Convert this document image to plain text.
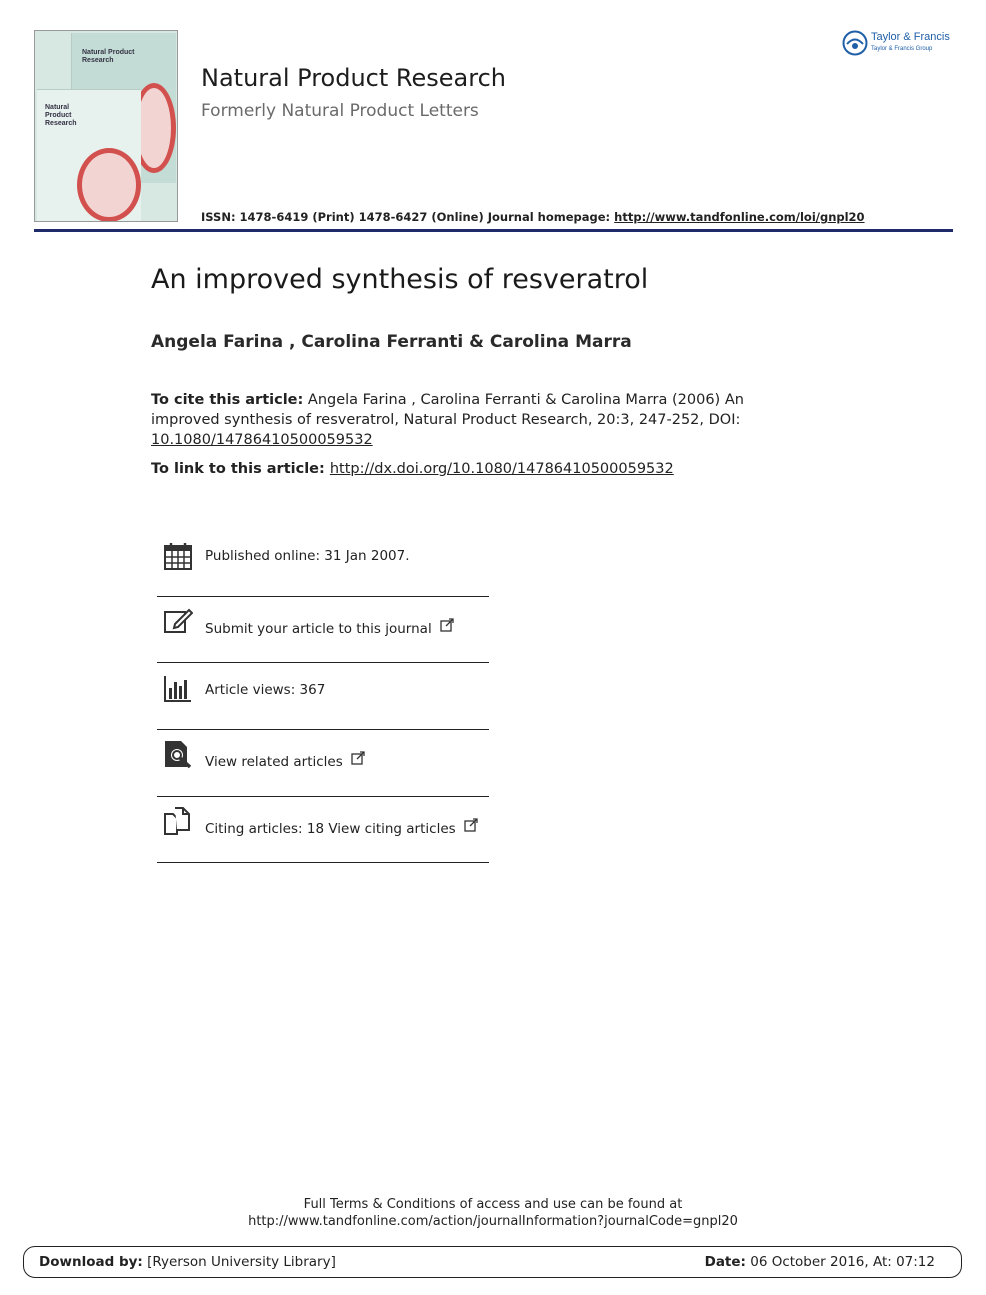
Natural Product Research
Natural Product Research
Taylor & Francis
Taylor & Francis Group
Natural Product Research
Formerly Natural Product Letters
ISSN: 1478-6419 (Print) 1478-6427 (Online) Journal homepage: http://www.tandfonline.com/loi/gnpl20
An improved synthesis of resveratrol
Angela Farina , Carolina Ferranti & Carolina Marra
To cite this article: Angela Farina , Carolina Ferranti & Carolina Marra (2006) An improved synthesis of resveratrol, Natural Product Research, 20:3, 247-252, DOI: 10.1080/14786410500059532
To link to this article: http://dx.doi.org/10.1080/14786410500059532
Published online: 31 Jan 2007.
Submit your article to this journal
Article views: 367
View related articles
Citing articles: 18 View citing articles
Full Terms & Conditions of access and use can be found at
http://www.tandfonline.com/action/journalInformation?journalCode=gnpl20
Download by: [Ryerson University Library]	Date: 06 October 2016, At: 07:12
